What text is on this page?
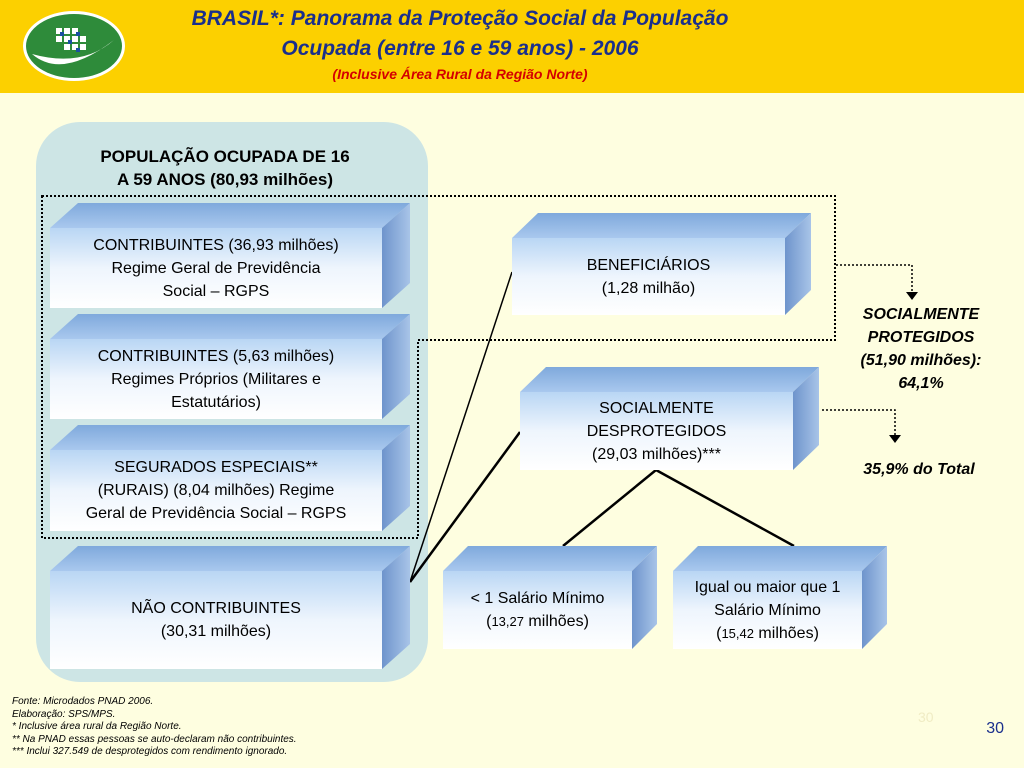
BRASIL*: Panorama da Proteção Social da População
Ocupada (entre 16 e 59 anos) - 2006
(Inclusive Área Rural da Região Norte)
POPULAÇÃO OCUPADA DE 16
A 59 ANOS (80,93 milhões)
CONTRIBUINTES (36,93 milhões)
Regime Geral de Previdência
Social – RGPS
CONTRIBUINTES (5,63 milhões)
Regimes Próprios (Militares e
Estatutários)
SEGURADOS ESPECIAIS**
(RURAIS) (8,04 milhões) Regime
Geral de Previdência Social – RGPS
NÃO CONTRIBUINTES
(30,31 milhões)
BENEFICIÁRIOS
(1,28 milhão)
SOCIALMENTE
DESPROTEGIDOS
(29,03 milhões)***
< 1 Salário Mínimo
(13,27 milhões)
Igual ou maior que 1
Salário Mínimo
(15,42 milhões)
SOCIALMENTE
PROTEGIDOS
(51,90 milhões):
64,1%
35,9% do Total
Fonte: Microdados PNAD 2006.
Elaboração: SPS/MPS.
* Inclusive área rural da Região Norte.
** Na PNAD essas pessoas se auto-declaram não contribuintes.
*** Inclui 327.549 de desprotegidos com rendimento ignorado.
30
30
